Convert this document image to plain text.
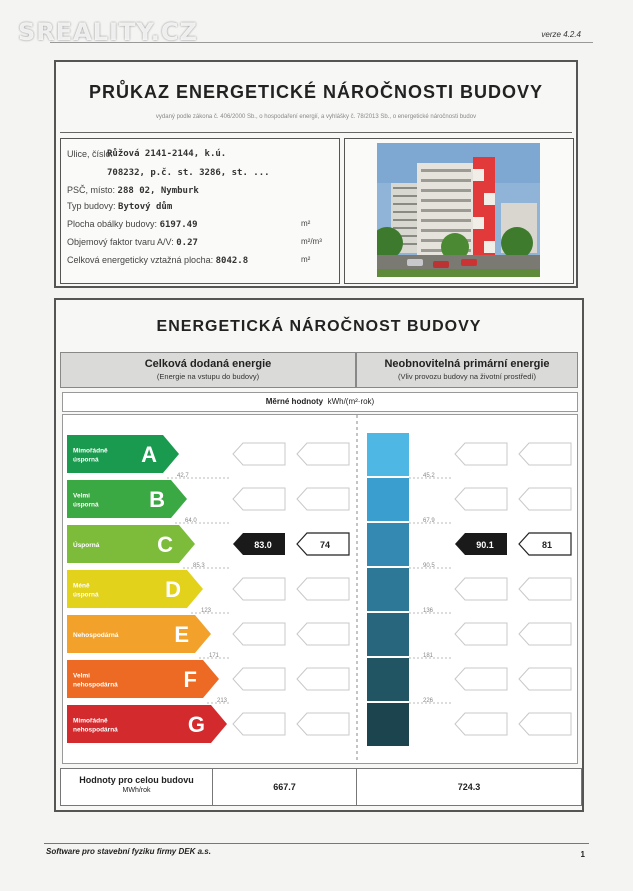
SREALITY.CZ	verze 4.2.4
PRŮKAZ ENERGETICKÉ NÁROČNOSTI BUDOVY
vydaný podle zákona č. 406/2000 Sb., o hospodaření energií, a vyhlášky č. 78/2013 Sb., o energetické náročnosti budov
Ulice, číslo:
Růžová 2141-2144, k.ú.
708232, p.č. st. 3286, st. ...
PSČ, místo: 288 02, Nymburk
Typ budovy: Bytový dům
Plocha obálky budovy: 6197.49	m²
Objemový faktor tvaru A/V: 0.27	m²/m³
Celková energeticky vztažná plocha: 8042.8	m²
ENERGETICKÁ NÁROČNOST BUDOVY
Celková dodaná energie
(Energie na vstupu do budovy)
Neobnovitelná primární energie
(Vliv provozu budovy na životní prostředí)
Měrné hodnoty kWh/(m²·rok)
Mimořádně
úsporná A
42.7	45.2
Velmi
úsporná B
64.0	67.9
Úsporná	C	83.0	74	90.1	81
85.3	90.5
Méně
úsporná	D
123	136
Nehospodárná	E
171	181
Velmi
nehospodárná	F
213	226
Mimořádně
nehospodárná	G
Hodnoty pro celou budovu
MWh/rok	667.7	724.3
Software pro stavební fyziku firmy DEK a.s.	1
